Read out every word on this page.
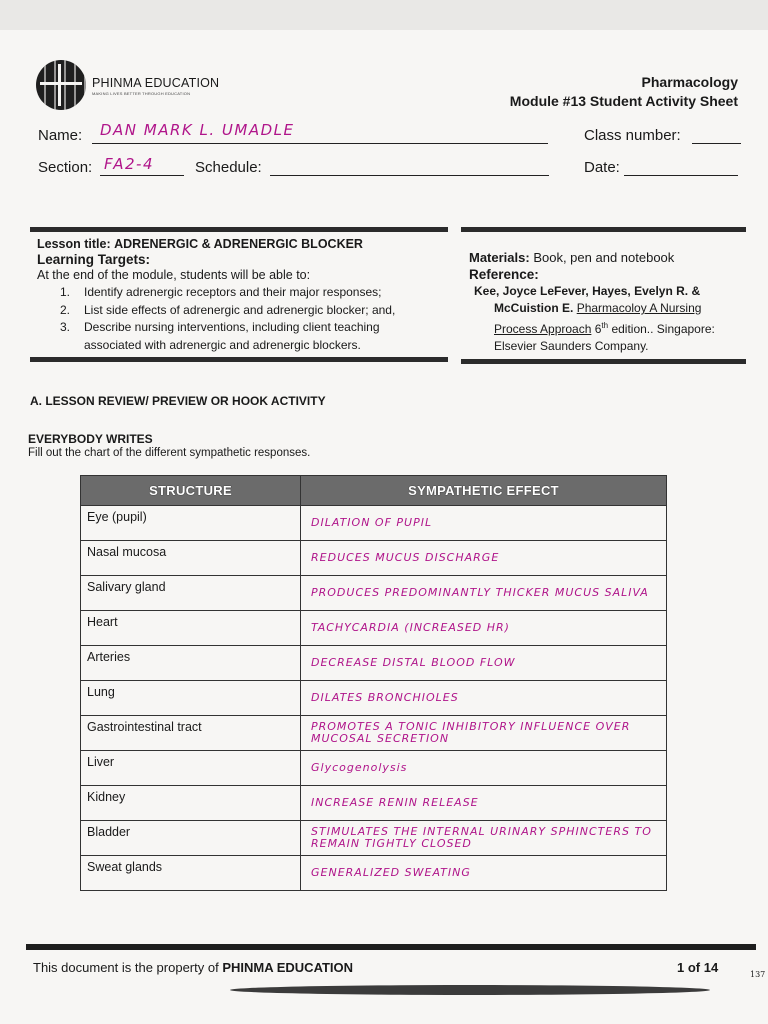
PHINMA EDUCATION
MAKING LIVES BETTER THROUGH EDUCATION
Pharmacology
Module #13 Student Activity Sheet
Name: DAN MARK L. UMADLE	Class number:
Section: FA2-4	Schedule:	Date:
Lesson title: ADRENERGIC & ADRENERGIC BLOCKER
Learning Targets:
At the end of the module, students will be able to:
1. Identify adrenergic receptors and their major responses;
2. List side effects of adrenergic and adrenergic blocker; and,
3. Describe nursing interventions, including client teaching
associated with adrenergic and adrenergic blockers.
Materials: Book, pen and notebook
Reference:
Kee, Joyce LeFever, Hayes, Evelyn R. &
McCuistion E. Pharmacoloy A Nursing
Process Approach 6th edition.. Singapore:
Elsevier Saunders Company.
A. LESSON REVIEW/ PREVIEW OR HOOK ACTIVITY
EVERYBODY WRITES
Fill out the chart of the different sympathetic responses.
STRUCTURE	SYMPATHETIC EFFECT
Eye (pupil)	DILATION OF PUPIL
Nasal mucosa	REDUCES MUCUS DISCHARGE
Salivary gland	PRODUCES PREDOMINANTLY THICKER MUCUS SALIVA
Heart	TACHYCARDIA (INCREASED HR)
Arteries	DECREASE DISTAL BLOOD FLOW
Lung	DILATES BRONCHIOLES
Gastrointestinal tract	PROMOTES A TONIC INHIBITORY INFLUENCE OVER MUCOSAL SECRETION
Liver	Glycogenolysis
Kidney	INCREASE RENIN RELEASE
Bladder	STIMULATES THE INTERNAL URINARY SPHINCTERS TO REMAIN TIGHTLY CLOSED
Sweat glands	GENERALIZED SWEATING
This document is the property of PHINMA EDUCATION	1 of 14	137
